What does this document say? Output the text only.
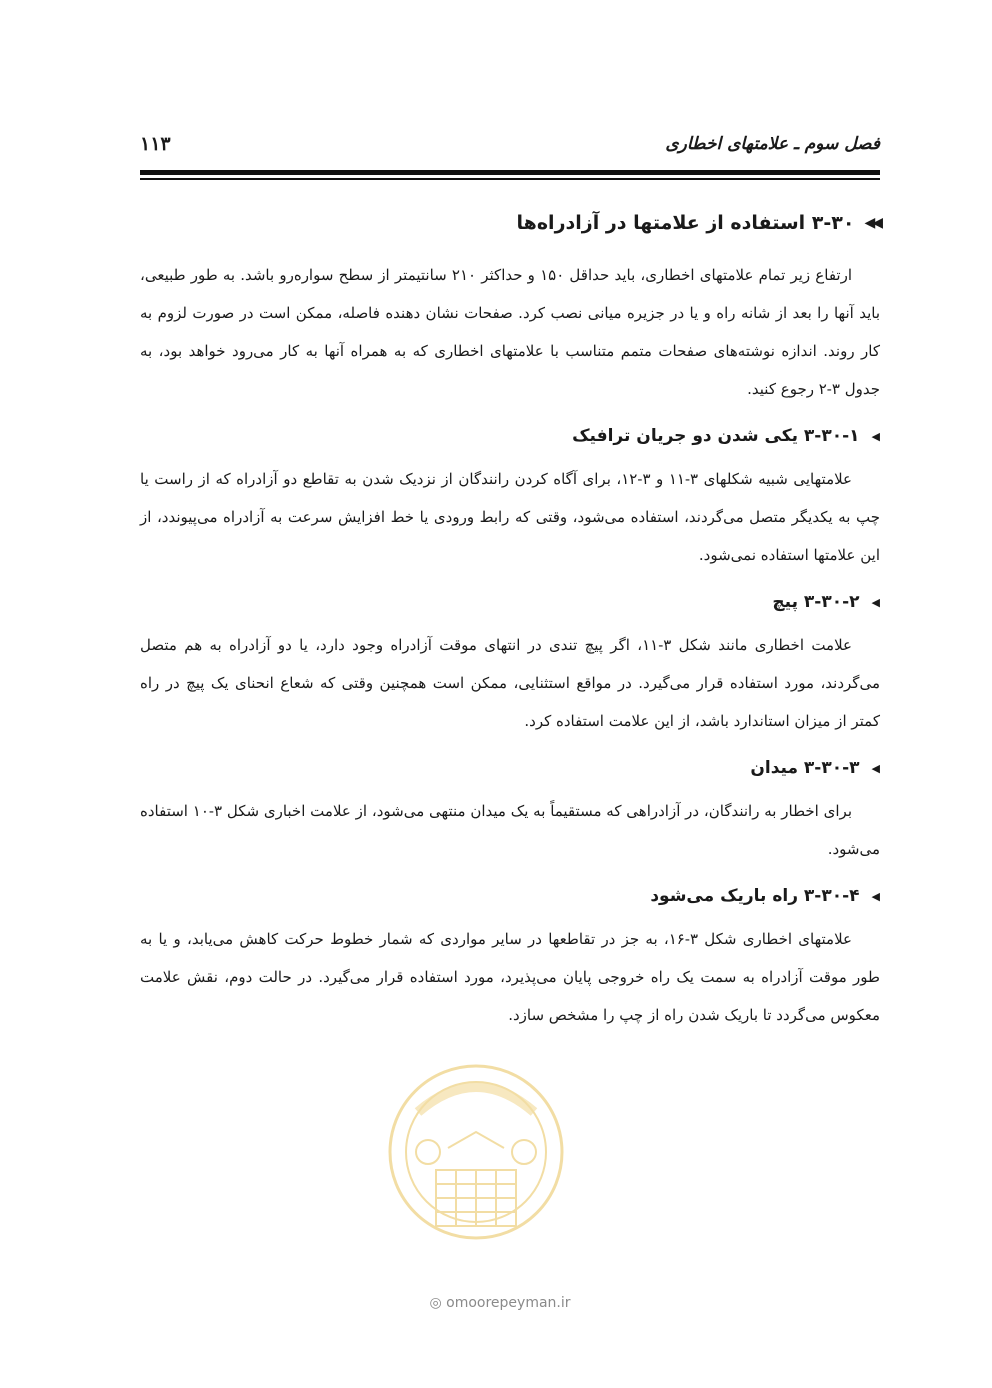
فصل سوم ـ علامتهای اخطاری
۱۱۳
◀◀
۳-۳۰ استفاده از علامتها در آزادراه‌ها

ارتفاع زیر تمام علامتهای اخطاری، باید حداقل ۱۵۰ و حداکثر ۲۱۰ سانتیمتر از سطح سواره‌رو باشد. به طور طبیعی، باید آنها را بعد از شانه راه و یا در جزیره میانی نصب کرد. صفحات نشان دهنده فاصله، ممکن است در صورت لزوم به کار روند. اندازه نوشته‌های صفحات متمم متناسب با علامتهای اخطاری که به همراه آنها به کار می‌رود خواهد بود، به جدول ۳-۲ رجوع کنید.

◀
۳-۳۰-۱ یکی شدن دو جریان ترافیک

علامتهایی شبیه شکلهای ۳-۱۱ و ۳-۱۲، برای آگاه کردن رانندگان از نزدیک شدن به تقاطع دو آزادراه که از راست یا چپ به یکدیگر متصل می‌گردند، استفاده می‌شود، وقتی که رابط ورودی یا خط افزایش سرعت به آزادراه می‌پیوندد، از این علامتها استفاده نمی‌شود.

◀
۳-۳۰-۲ پیچ

علامت اخطاری مانند شکل ۳-۱۱، اگر پیچ تندی در انتهای موقت آزادراه وجود دارد، یا دو آزادراه به هم متصل می‌گردند، مورد استفاده قرار می‌گیرد. در مواقع استثنایی، ممکن است همچنین وقتی که شعاع انحنای یک پیچ در راه کمتر از میزان استاندارد باشد، از این علامت استفاده کرد.

◀
۳-۳۰-۳ میدان

برای اخطار به رانندگان، در آزادراهی که مستقیماً به یک میدان منتهی می‌شود، از علامت اخباری شکل ۳-۱۰ استفاده می‌شود.

◀
۳-۳۰-۴ راه باریک می‌شود

علامتهای اخطاری شکل ۳-۱۶، به جز در تقاطعها در سایر مواردی که شمار خطوط حرکت کاهش می‌یابد، و یا به طور موقت آزادراه به سمت یک راه خروجی پایان می‌پذیرد، مورد استفاده قرار می‌گیرد. در حالت دوم، نقش علامت معکوس می‌گردد تا باریک شدن راه از چپ را مشخص سازد.

◎ omoorepeyman.ir
